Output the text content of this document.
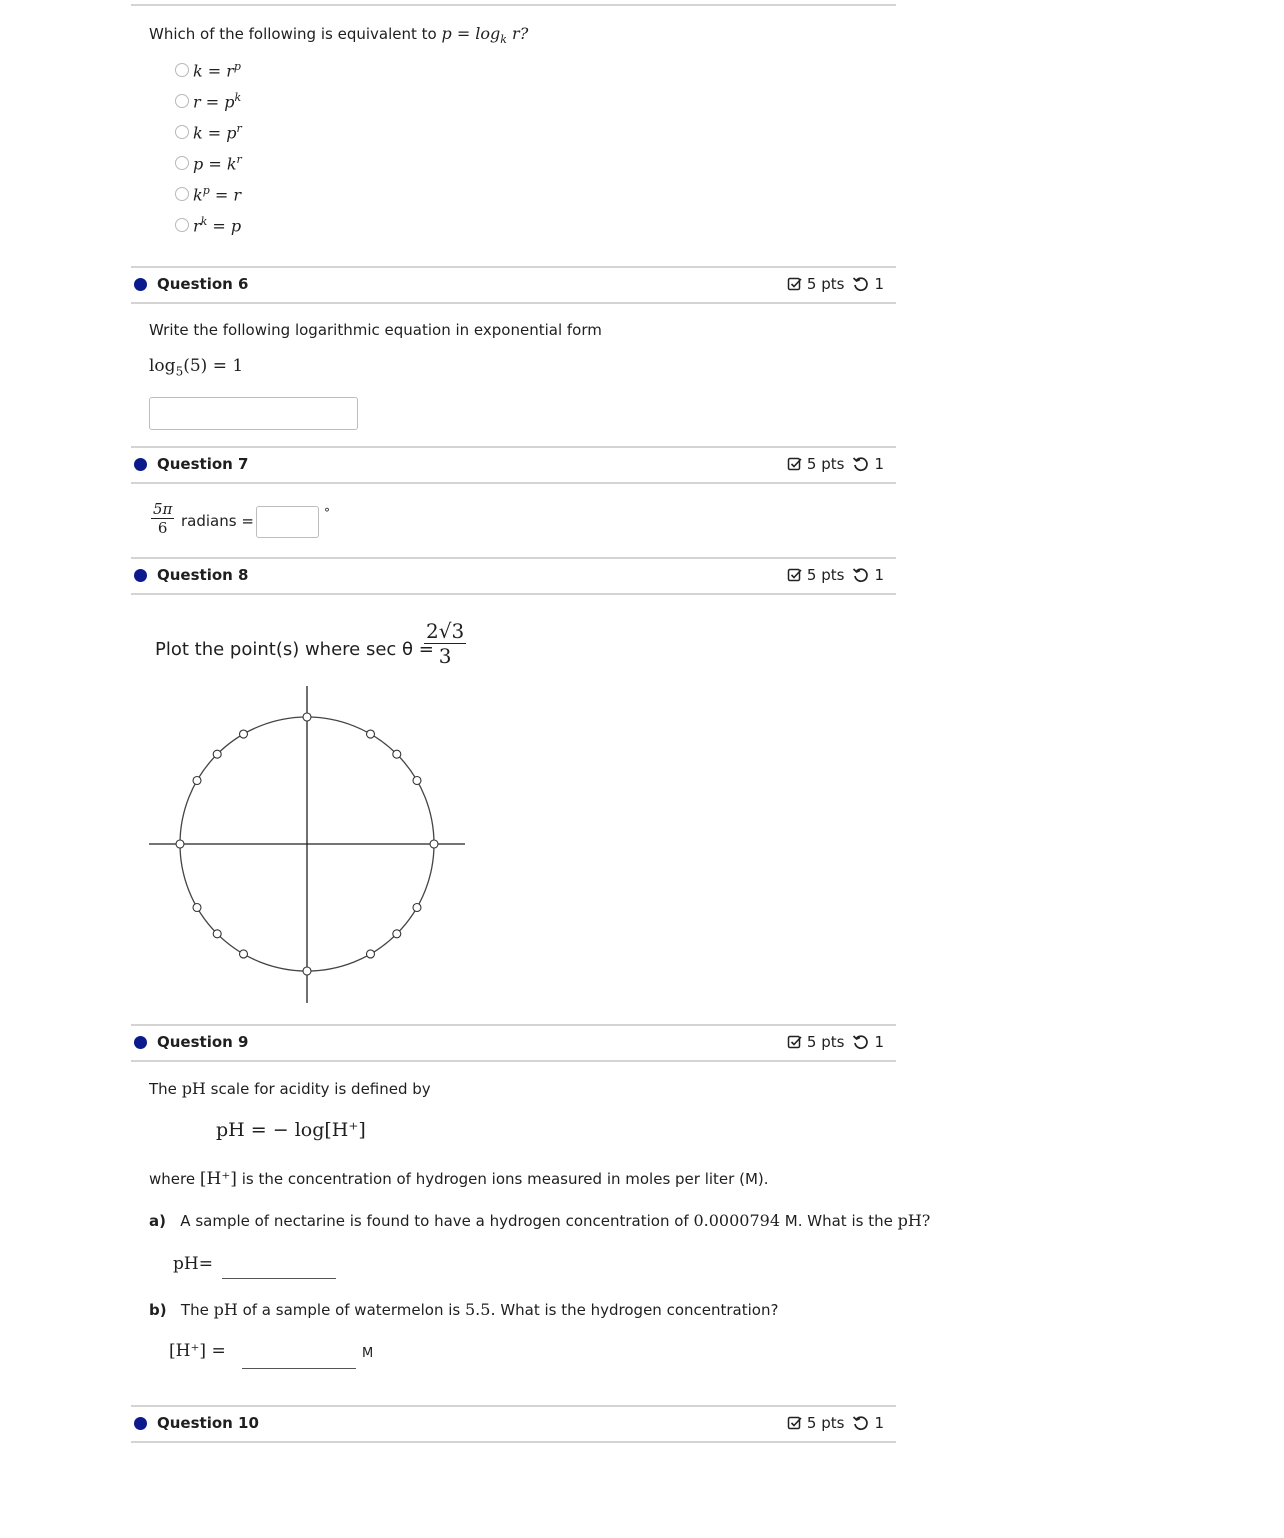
Which of the following is equivalent to $p = \log_k r$?
$k = r^p$
$r = p^k$
$k = p^r$
$p = k^r$
$k^p = r$
$r^k = p$
Question 6	5 pts 1
Write the following logarithmic equation in exponential form
$\log_5(5) = 1$
Question 7	5 pts 1
$\frac{5\pi}{6}$ radians =	°
Question 8	5 pts 1
Plot the point(s) where sec θ =
$\frac{2√3}{3}$
Question 9	5 pts 1
The pH scale for acidity is defined by
pH = − log[H⁺]
where [H⁺] is the concentration of hydrogen ions measured in moles per liter (M).
a) A sample of nectarine is found to have a hydrogen concentration of 0.0000794 M. What is the pH?
pH=
b) The pH of a sample of watermelon is 5.5. What is the hydrogen concentration?
[H⁺] =	M
Question 10	5 pts 1
